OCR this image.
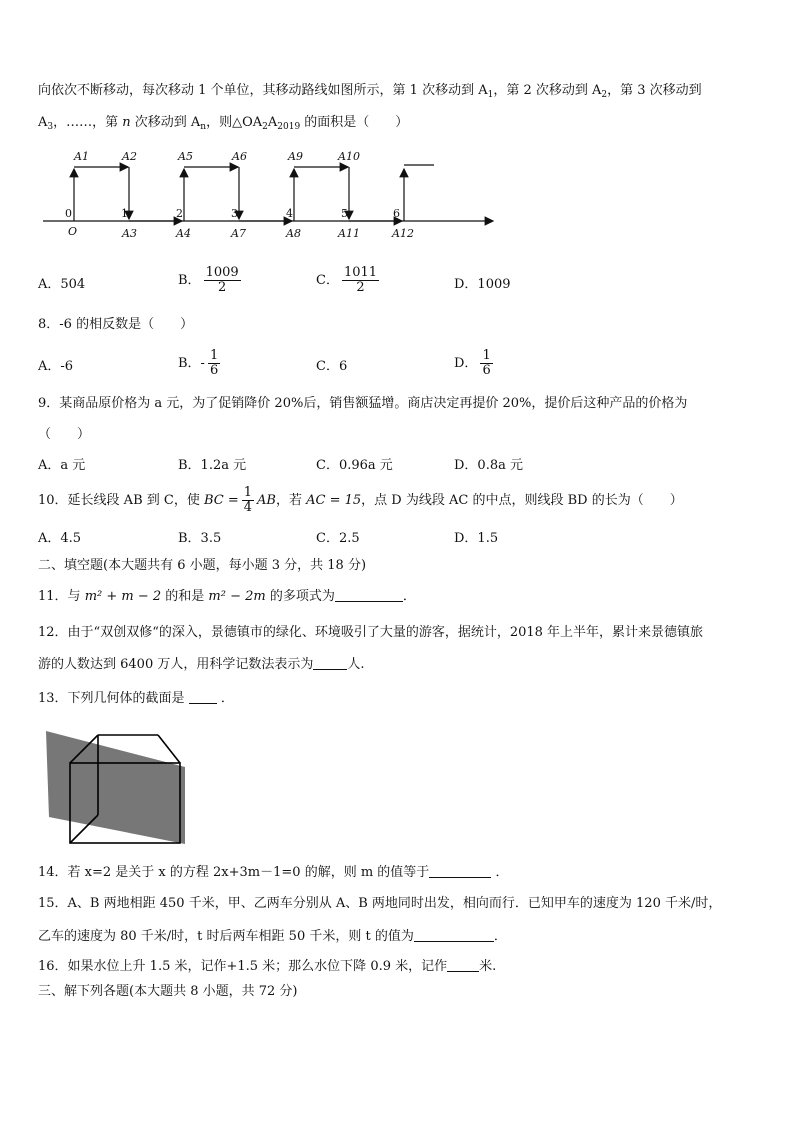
向依次不断移动，每次移动 1 个单位，其移动路线如图所示，第 1 次移动到 $A_1$，第 2 次移动到 $A_2$，第 3 次移动到
$A_3$，……，第 n 次移动到 $A_n$，则$\triangle OA_2A_{2019}$ 的面积是（　　）
A1	A2	A5	A6	A9	A10
0	1	2	3	4	5	6
O	A3	A4	A7	A8	A11	A12
A．504	B． $\frac{1009}{2}$	C． $\frac{1011}{2}$	D．1009
8．-6 的相反数是（　　）
A．-6	B．- $\frac{1}{6}$	C．6	D． $\frac{1}{6}$
9．某商品原价格为 a 元，为了促销降价 20%后，销售额猛增。商店决定再提价 20%，提价后这种产品的价格为
（　　）
A．a 元	B．1.2a 元	C．0.96a 元	D．0.8a 元
10．延长线段 AB 到 C，使 BC = $\frac{1}{4}$ AB，若 AC = 15，点 D 为线段 AC 的中点，则线段 BD 的长为（　　）
A．4.5	B．3.5	C．2.5	D．1.5
二、填空题(本大题共有 6 小题，每小题 3 分，共 18 分)
11．与 m² + m − 2 的和是 m² − 2m 的多项式为	．
12．由于“双创双修“的深入，景德镇市的绿化、环境吸引了大量的游客，据统计，2018 年上半年，累计来景德镇旅
游的人数达到 6400 万人，用科学记数法表示为	人.
13．下列几何体的截面是	．
14．若 x=2 是关于 x 的方程 2x+3m－1=0 的解，则 m 的值等于	．
15．A、B 两地相距 450 千米，甲、乙两车分别从 A、B 两地同时出发，相向而行．已知甲车的速度为 120 千米/时，
乙车的速度为 80 千米/时，t 时后两车相距 50 千米，则 t 的值为	．
16．如果水位上升 1.5 米，记作+1.5 米；那么水位下降 0.9 米，记作 米.
三、解下列各题(本大题共 8 小题，共 72 分)
